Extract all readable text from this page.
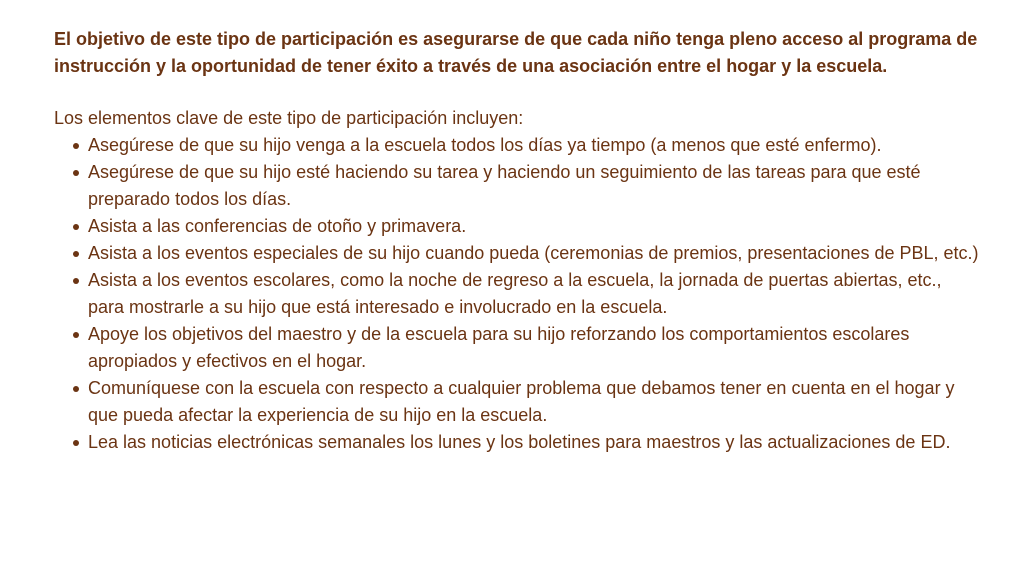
El objetivo de este tipo de participación es asegurarse de que cada niño tenga pleno acceso al programa de instrucción y la oportunidad de tener éxito a través de una asociación entre el hogar y la escuela.

Los elementos clave de este tipo de participación incluyen:

Asegúrese de que su hijo venga a la escuela todos los días ya tiempo (a menos que esté enfermo).
Asegúrese de que su hijo esté haciendo su tarea y haciendo un seguimiento de las tareas para que esté preparado todos los días.
Asista a las conferencias de otoño y primavera.
Asista a los eventos especiales de su hijo cuando pueda (ceremonias de premios, presentaciones de PBL, etc.)
Asista a los eventos escolares, como la noche de regreso a la escuela, la jornada de puertas abiertas, etc., para mostrarle a su hijo que está interesado e involucrado en la escuela.
Apoye los objetivos del maestro y de la escuela para su hijo reforzando los comportamientos escolares apropiados y efectivos en el hogar.
Comuníquese con la escuela con respecto a cualquier problema que debamos tener en cuenta en el hogar y que pueda afectar la experiencia de su hijo en la escuela.
Lea las noticias electrónicas semanales los lunes y los boletines para maestros y las actualizaciones de ED.
